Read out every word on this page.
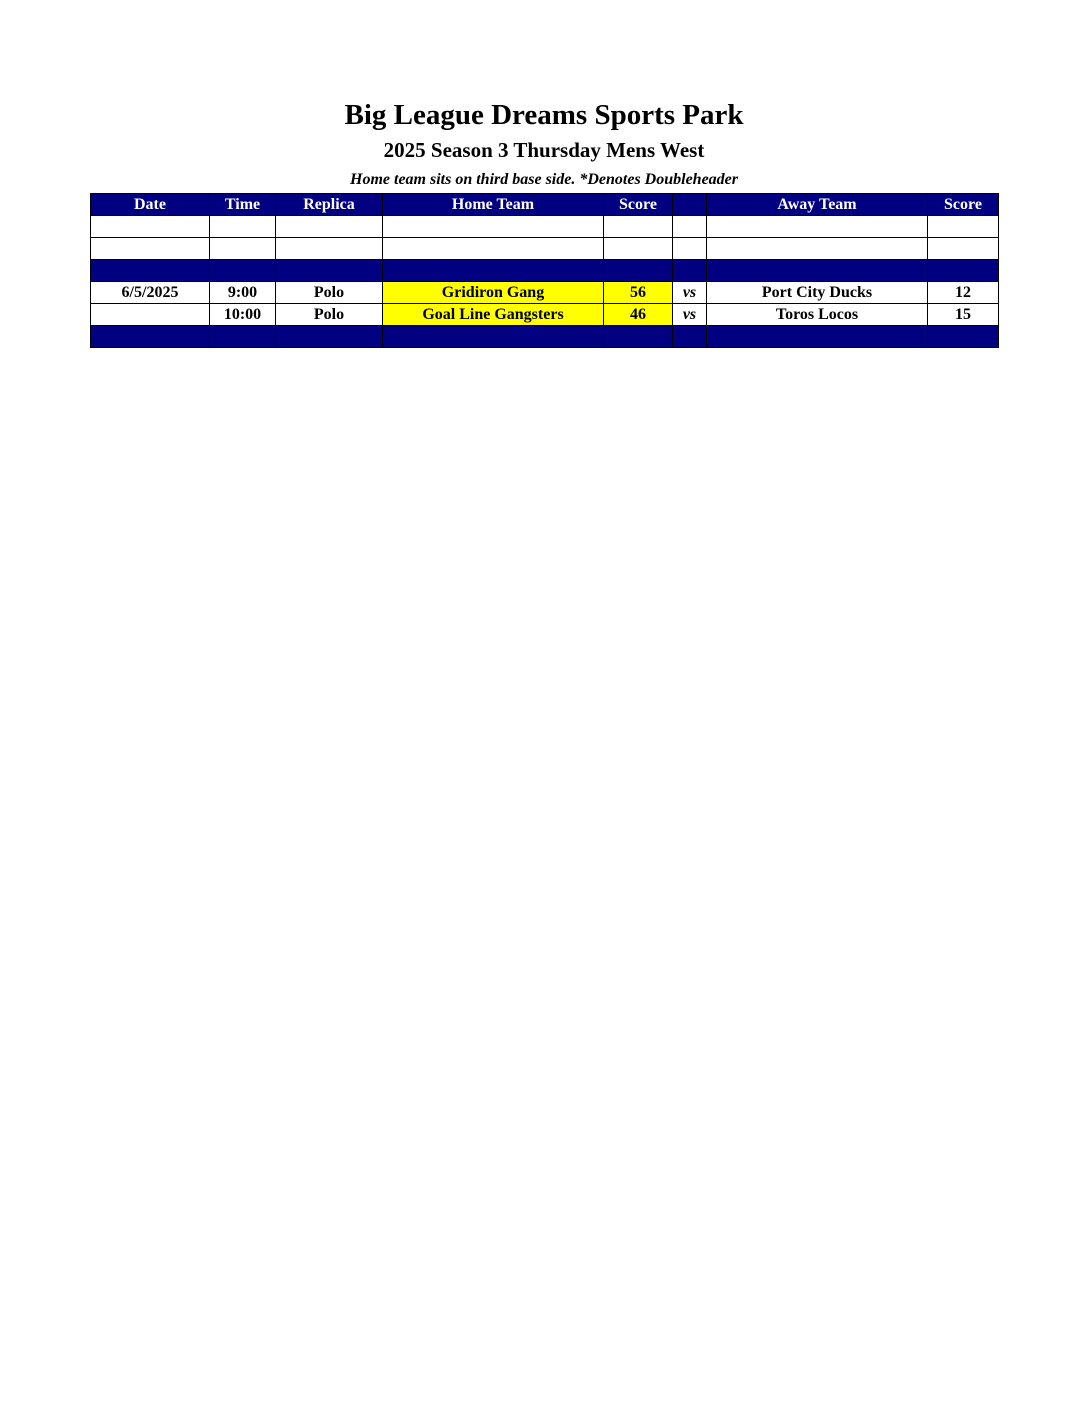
Big League Dreams Sports Park
2025 Season 3 Thursday Mens West
Home team sits on third base side. *Denotes Doubleheader
Date	Time	Replica	Home Team	Score		Away Team	Score

6/5/2025	9:00	Polo	Gridiron Gang	56	vs	Port City Ducks	12
	10:00	Polo	Goal Line Gangsters	46	vs	Toros Locos	15
